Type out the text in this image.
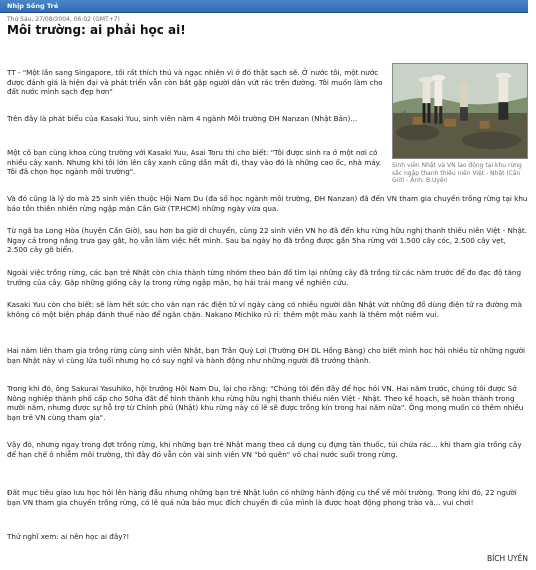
Nhịp Sống Trẻ
Thứ Sáu, 27/08/2004, 06:02 (GMT+7)
Môi trường: ai phải học ai!
Sinh viên Nhật và VN lao động tại khu rừng sắc ngập thanh thiếu niên Việt - Nhật (Cần Giờ) - Ảnh: B.Uyên

TT - "Một lần sang Singapore, tôi rất thích thú và ngạc nhiên vì ở đó thật sạch sẽ. Ở nước tôi, một nước được đánh giá là hiện đại và phát triển vẫn còn bắt gặp người dân vứt rác trên đường. Tôi muốn làm cho đất nước mình sạch đẹp hơn"

Trên đây là phát biểu của Kasaki Yuu, sinh viên năm 4 ngành Môi trường ĐH Nanzan (Nhật Bản)...

Một cô bạn cùng khoa cùng trường với Kasaki Yuu, Asai Toru thì cho biết: "Tôi được sinh ra ở một nơi có nhiều cây xanh. Nhưng khi tôi lớn lên cây xanh cũng dần mất đi, thay vào đó là những cao ốc, nhà máy. Tôi đã chọn học ngành môi trường".

Và đó cũng là lý do mà 25 sinh viên thuộc Hội Nam Du (đa số học ngành môi trường, ĐH Nanzan) đã đến VN tham gia chuyến trồng rừng tại khu bảo tồn thiên nhiên rừng ngập mặn Cần Giờ (TP.HCM) những ngày vừa qua.

Từ ngã ba Long Hòa (huyện Cần Giờ), sau hơn ba giờ di chuyển, cùng 22 sinh viên VN họ đã đến khu rừng hữu nghị thanh thiếu niên Việt - Nhật. Ngay cả trong nắng trưa gay gắt, họ vẫn làm việc hết mình. Sau ba ngày họ đã trồng được gần 5ha rừng với 1.500 cây cóc, 2.500 cây vẹt, 2.500 cây gõ biển.

Ngoài việc trồng rừng, các bạn trẻ Nhật còn chia thành từng nhóm theo bán đồ tìm lại những cây đã trồng từ các năm trước để đo đạc độ tăng trưởng của cây. Gặp những giống cây lạ trong rừng ngập mặn, họ hái trái mang về nghiên cứu.

Kasaki Yuu còn cho biết: sẽ làm hết sức cho văn nạn rác điện tử ví ngày càng có nhiều người dân Nhật vứt những đồ dùng điện tử ra đường mà không có một biện pháp đánh thuế nào để ngăn chặn. Nakano Michiko rủ rỉ: thêm một màu xanh là thêm một niềm vui.

Hai năm liên tham gia trồng rừng cùng sinh viên Nhật, bạn Trần Quý Lợi (Trường ĐH DL Hồng Bàng) cho biết mình học hỏi nhiều từ những người bạn Nhật này vì cùng lứa tuổi nhưng họ có suy nghĩ và hành động như những người đã trưởng thành.

Trong khi đó, ông Sakurai Yasuhiko, hội trưởng Hội Nam Du, lại cho rằng: "Chúng tôi đến đây để học hỏi VN. Hai năm trước, chúng tôi được Sở Nông nghiệp thành phố cấp cho 50ha đất để hình thành khu rừng hữu nghị thanh thiếu niên Việt - Nhật. Theo kế hoạch, sẽ hoàn thành trong mười năm, nhưng được sự hỗ trợ từ Chính phủ (Nhật) khu rừng này có lẽ sẽ được trồng kín trong hai năm nữa". Ông mong muốn có thêm nhiều bạn trẻ VN cùng tham gia".

Vậy đó, nhưng ngay trong đợt trồng rừng, khi những bạn trẻ Nhật mang theo cả dụng cụ đựng tàn thuốc, túi chứa rác... khi tham gia trồng cây để hạn chế ô nhiễm môi trường, thì đây đó vẫn còn vài sinh viên VN "bỏ quên" vỏ chai nước suối trong rừng.

Đất mục tiêu giao lưu học hỏi lên hàng đầu nhưng những bạn trẻ Nhật luôn có những hành động cụ thể về môi trường. Trong khi đó, 22 người bạn VN tham gia chuyến trồng rừng, có lẽ quá nửa bảo mục đích chuyến đi của mình là được hoạt động phong trào và... vui chơi!

Thử nghĩ xem: ai nên học ai đây?!

BÍCH UYÊN
